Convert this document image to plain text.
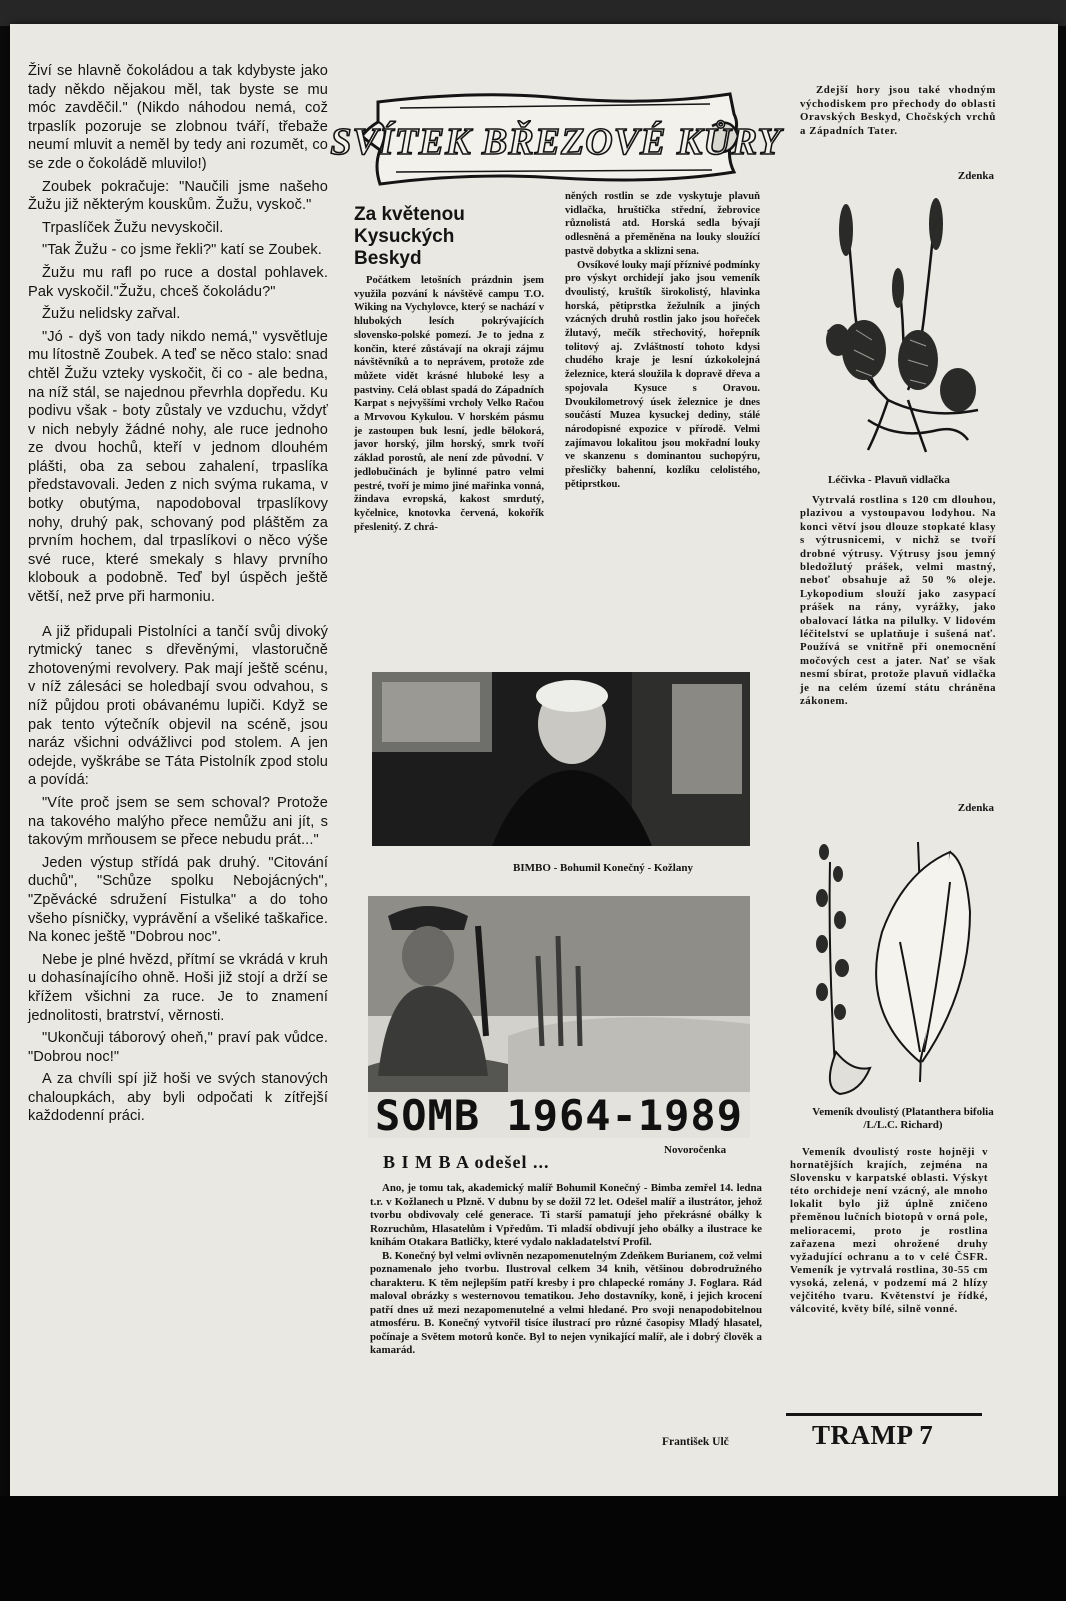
Živí se hlavně čokoládou a tak kdybyste jako tady někdo nějakou měl, tak byste se mu móc zavděčil." (Nikdo náhodou nemá, což trpaslík pozoruje se zlobnou tváří, třebaže neumí mluvit a neměl by tedy ani rozumět, co se zde o čokoládě mluvilo!)

Zoubek pokračuje: "Naučili jsme našeho Žužu již některým kouskům. Žužu, vyskoč."

Trpaslíček Žužu nevyskočil.

"Tak Žužu - co jsme řekli?" katí se Zoubek.

Žužu mu rafl po ruce a dostal pohlavek. Pak vyskočil."Žužu, chceš čokoládu?"

Žužu nelidsky zařval.

"Jó - dyš von tady nikdo nemá," vysvětluje mu lítostně Zoubek. A teď se něco stalo: snad chtěl Žužu vzteky vyskočit, či co - ale bedna, na níž stál, se najednou převrhla dopředu. Ku podivu však - boty zůstaly ve vzduchu, vždyť v nich nebyly žádné nohy, ale ruce jednoho ze dvou hochů, kteří v jednom dlouhém plášti, oba za sebou zahalení, trpaslíka představovali. Jeden z nich svýma rukama, v botky obutýma, napodoboval trpaslíkovy nohy, druhý pak, schovaný pod pláštěm za prvním hochem, dal trpaslíkovi o něco výše své ruce, které smekaly s hlavy prvního klobouk a podobně. Teď byl úspěch ještě větší, než prve při harmoniu.

A již přidupali Pistolníci a tančí svůj divoký rytmický tanec s dřevěnými, vlastoručně zhotovenými revolvery. Pak mají ještě scénu, v níž zálesáci se holedbají svou odvahou, s níž půjdou proti obávanému lupiči. Když se pak tento výtečník objevil na scéně, jsou naráz všichni odvážlivci pod stolem. A jen odejde, vyškrábe se Táta Pistolník zpod stolu a povídá:

"Víte proč jsem se sem schoval? Protože na takového malýho přece nemůžu ani jít, s takovým mrňousem se přece nebudu prát..."

Jeden výstup střídá pak druhý. "Citování duchů", "Schůze spolku Nebojácných", "Zpěvácké sdružení Fistulka" a do toho všeho písničky, vyprávění a všeliké taškařice. Na konec ještě "Dobrou noc".

Nebe je plné hvězd, přítmí se vkrádá v kruh u dohasínajícího ohně. Hoši již stojí a drží se křížem všichni za ruce. Je to znamení jednolitosti, bratrství, věrnosti.

"Ukončuji táborový oheň," praví pak vůdce. "Dobrou noc!"

A za chvíli spí již hoši ve svých stanových chaloupkách, aby byli odpočati k zítřejší každodenní práci.

SVÍTEK BŘEZOVÉ KŮRY
Za květenou Kysuckých Beskyd

Počátkem letošních prázdnin jsem využila pozvání k návštěvě campu T.O. Wiking na Vychylovce, který se nachází v hlubokých lesích pokrývajících slovensko-polské pomezí. Je to jedna z končin, které zůstávají na okraji zájmu návštěvníků a to neprávem, protože zde můžete vidět krásné hluboké lesy a pastviny. Celá oblast spadá do Západních Karpat s nejvyššími vrcholy Velko Račou a Mrvovou Kykulou. V horském pásmu je zastoupen buk lesní, jedle bělokorá, javor horský, jilm horský, smrk tvoří základ porostů, ale není zde původní. V jedlobučinách je bylinné patro velmi pestré, tvoří je mimo jiné mařinka vonná, žindava evropská, kakost smrdutý, kyčelnice, knotovka červená, kokořík přeslenitý. Z chrá-

něných rostlin se zde vyskytuje plavuň vidlačka, hruštička střední, žebrovice různolistá atd. Horská sedla bývají odlesněná a přeměněna na louky sloužící pastvě dobytka a sklizni sena.

Ovsíkové louky mají příznivé podmínky pro výskyt orchidejí jako jsou vemeník dvoulistý, kruštík širokolistý, hlavinka horská, pětiprstka žežulník a jiných vzácných druhů rostlin jako jsou hořeček žlutavý, mečík střechovitý, hořepník tolitový aj. Zvláštností tohoto kdysi chudého kraje je lesní úzkokolejná železnice, která sloužila k dopravě dřeva a spojovala Kysuce s Oravou. Dvoukilometrový úsek železnice je dnes součástí Muzea kysuckej dediny, stálé národopisné expozice v přírodě. Velmi zajímavou lokalitou jsou mokřadní louky ve skanzenu s dominantou suchopýru, přesličky bahenní, kozlíku celolistého, pětiprstkou.

BIMBO - Bohumil Konečný - Kožlany
SOMB 1964-1989
Novoročenka
B I M B A odešel ...

Ano, je tomu tak, akademický malíř Bohumil Konečný - Bimba zemřel 14. ledna t.r. v Kožlanech u Plzně. V dubnu by se dožil 72 let. Odešel malíř a ilustrátor, jehož tvorbu obdivovaly celé generace. Ti starší pamatují jeho překrásné obálky k Rozruchům, Hlasatelům i Vpředům. Ti mladší obdivují jeho obálky a ilustrace ke knihám Otakara Batličky, které vydalo nakladatelství Profil.

B. Konečný byl velmi ovlivněn nezapomenutelným Zdeňkem Burianem, což velmi poznamenalo jeho tvorbu. Ilustroval celkem 34 knih, většinou dobrodružného charakteru. K těm nejlepším patří kresby i pro chlapecké romány J. Foglara. Rád maloval obrázky s westernovou tematikou. Jeho dostavníky, koně, i jejich krocení patří dnes už mezi nezapomenutelné a velmi hledané. Pro svoji nenapodobitelnou atmosféru. B. Konečný vytvořil tisíce ilustrací pro různé časopisy Mladý hlasatel, počínaje a Světem motorů konče. Byl to nejen vynikající malíř, ale i dobrý člověk a kamarád.

František Ulč

Zdejší hory jsou také vhodným východiskem pro přechody do oblasti Oravských Beskyd, Chočských vrchů a Západních Tater.

Zdenka
Léčivka - Plavuň vidlačka

Vytrvalá rostlina s 120 cm dlouhou, plazivou a vystoupavou lodyhou. Na konci větví jsou dlouze stopkaté klasy s výtrusnicemi, v nichž se tvoří drobné výtrusy. Výtrusy jsou jemný bledožlutý prášek, velmi mastný, neboť obsahuje až 50 % oleje. Lykopodium slouží jako zasypací prášek na rány, vyrážky, jako obalovací látka na pilulky. V lidovém léčitelství se uplatňuje i sušená nať. Používá se vnitřně při onemocnění močových cest a jater. Nať se však nesmí sbírat, protože plavuň vidlačka je na celém území státu chráněna zákonem.

Zdenka
Vemeník dvoulistý (Platanthera bifolia /L/L.C. Richard)

Vemeník dvoulistý roste hojněji v hornatějších krajích, zejména na Slovensku v karpatské oblasti. Výskyt této orchideje není vzácný, ale mnoho lokalit bylo již úplně zničeno přeměnou lučních biotopů v orná pole, melioracemi, proto je rostlina zařazena mezi ohrožené druhy vyžadující ochranu a to v celé ČSFR. Vemeník je vytrvalá rostlina, 30-55 cm vysoká, zelená, v podzemí má 2 hlízy vejčitého tvaru. Květenství je řídké, válcovité, květy bílé, silně vonné.

TRAMP 7
